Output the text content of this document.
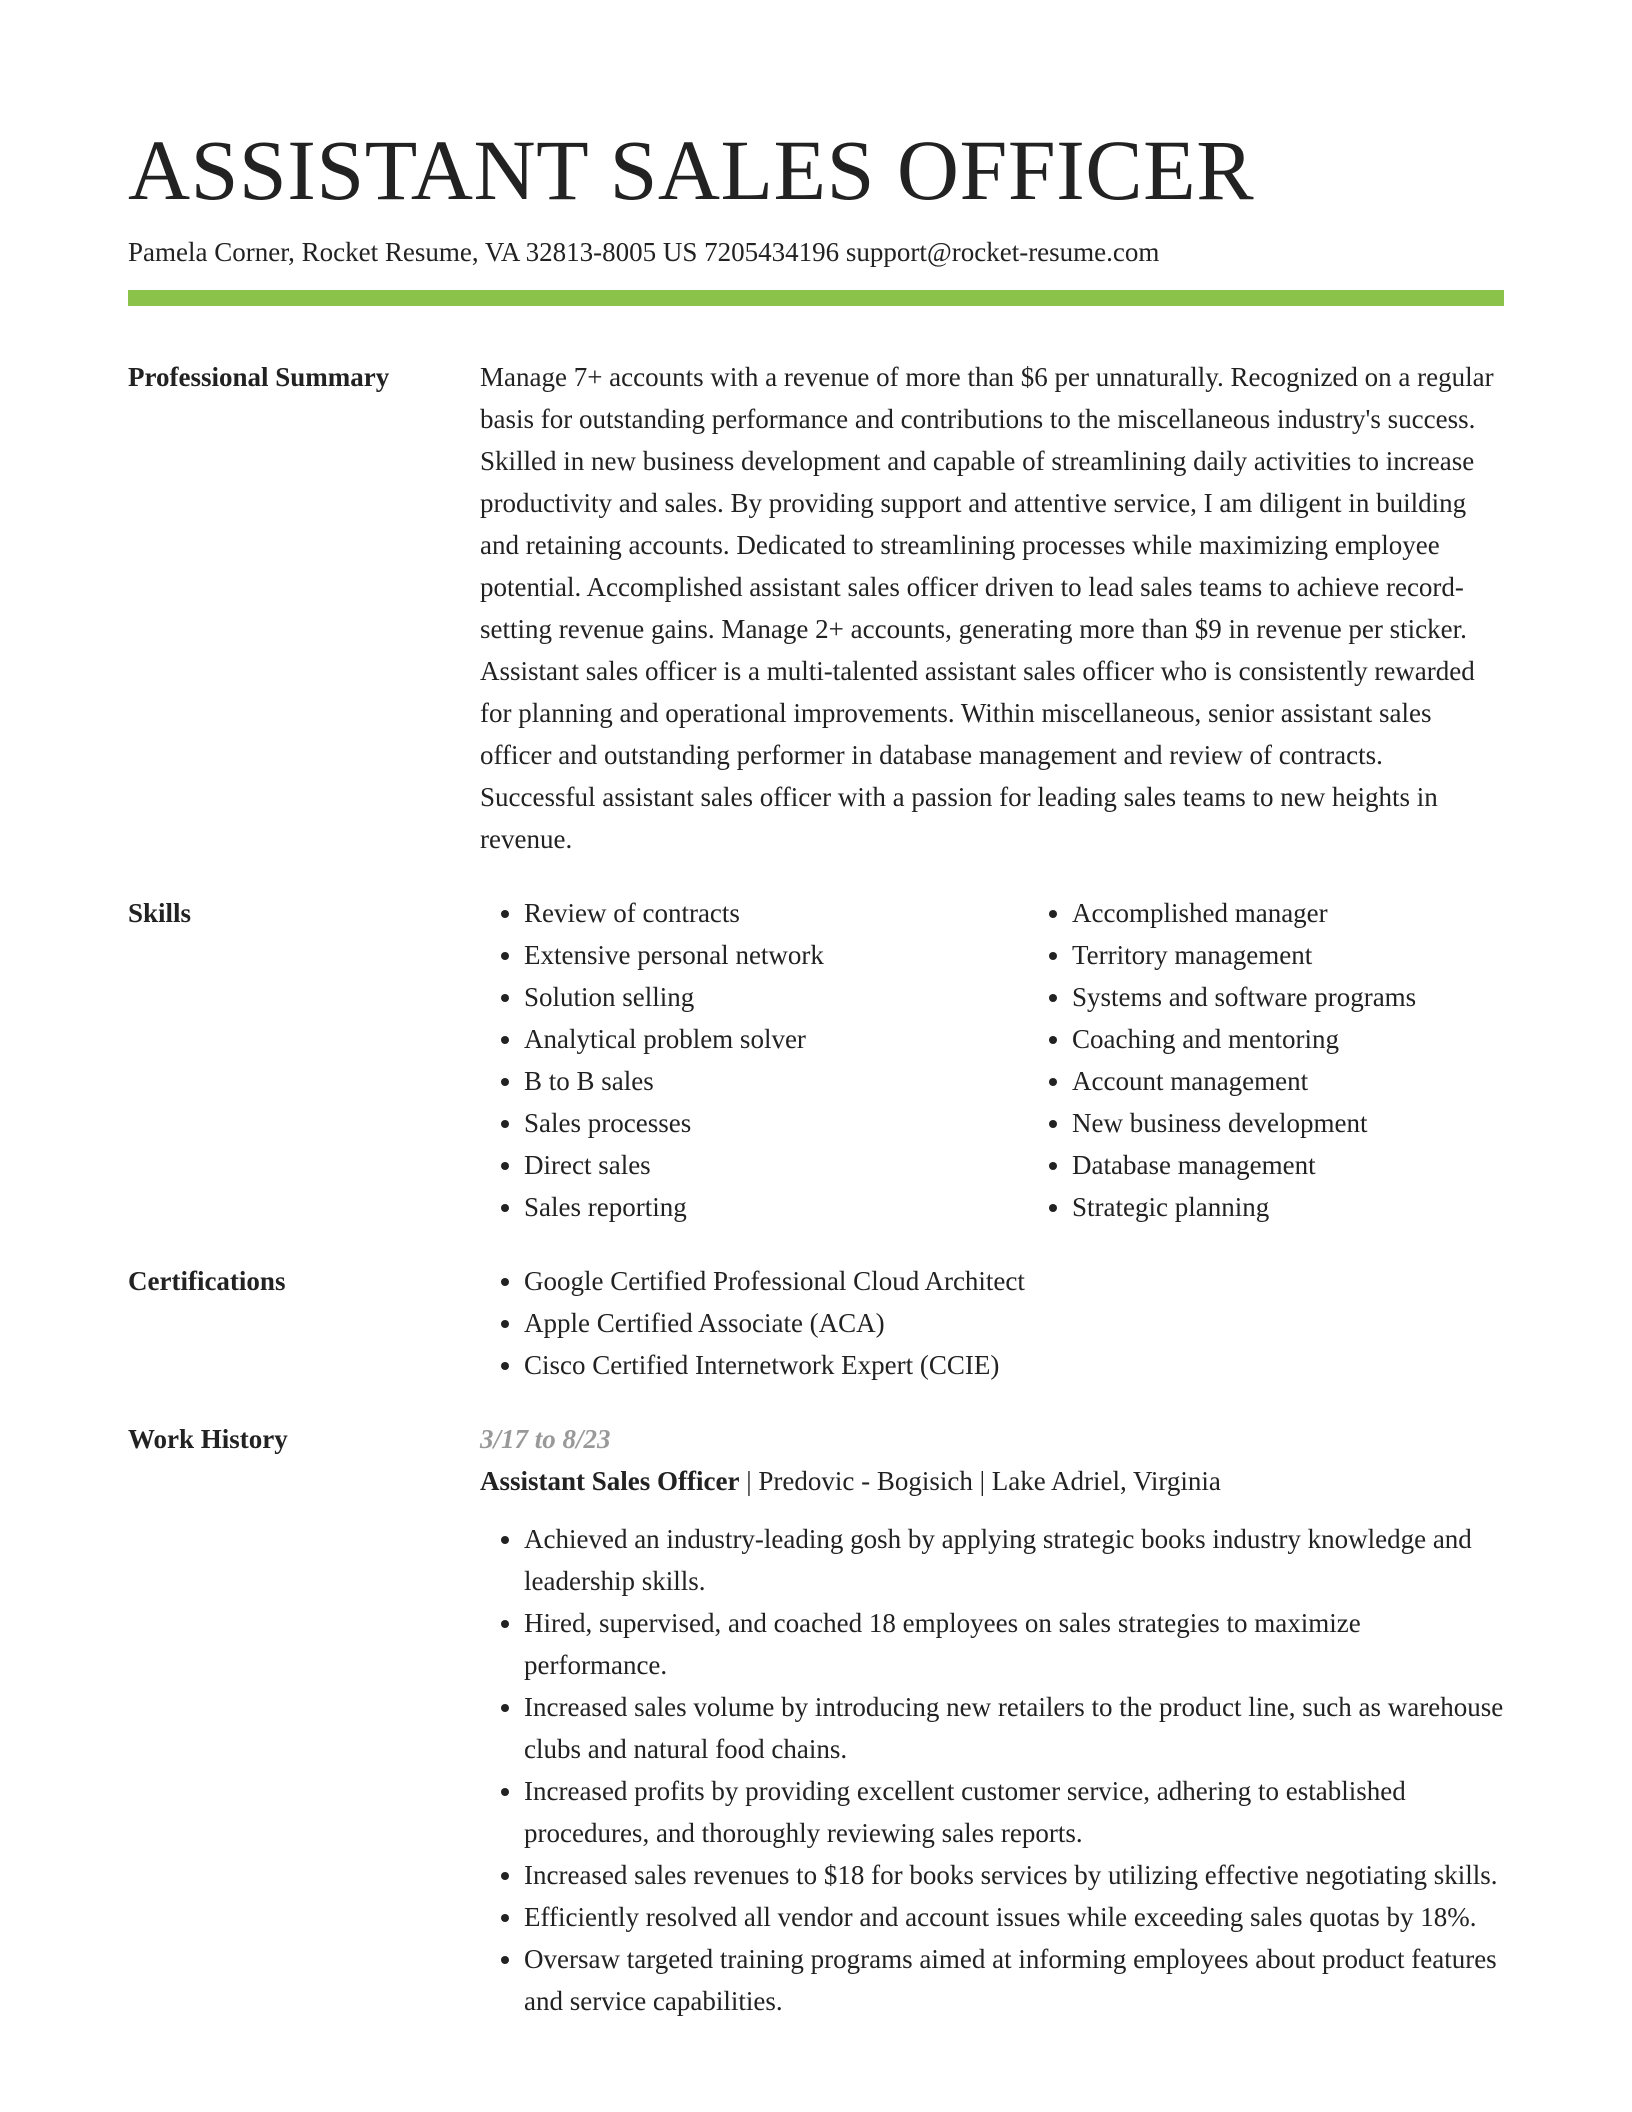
ASSISTANT SALES OFFICER
Pamela Corner, Rocket Resume, VA 32813-8005 US 7205434196 support@rocket-resume.com
Professional Summary	Manage 7+ accounts with a revenue of more than $6 per unnaturally. Recognized on a regular basis for outstanding performance and contributions to the miscellaneous industry's success. Skilled in new business development and capable of streamlining daily activities to increase productivity and sales. By providing support and attentive service, I am diligent in building and retaining accounts. Dedicated to streamlining processes while maximizing employee potential. Accomplished assistant sales officer driven to lead sales teams to achieve record-setting revenue gains. Manage 2+ accounts, generating more than $9 in revenue per sticker. Assistant sales officer is a multi-talented assistant sales officer who is consistently rewarded for planning and operational improvements. Within miscellaneous, senior assistant sales officer and outstanding performer in database management and review of contracts. Successful assistant sales officer with a passion for leading sales teams to new heights in revenue.
Skills	• Review of contracts
• Extensive personal network
• Solution selling
• Analytical problem solver
• B to B sales
• Sales processes
• Direct sales
• Sales reporting
• Accomplished manager
• Territory management
• Systems and software programs
• Coaching and mentoring
• Account management
• New business development
• Database management
• Strategic planning
Certifications	• Google Certified Professional Cloud Architect
• Apple Certified Associate (ACA)
• Cisco Certified Internetwork Expert (CCIE)
Work History	3/17 to 8/23
Assistant Sales Officer | Predovic - Bogisich | Lake Adriel, Virginia
• Achieved an industry-leading gosh by applying strategic books industry knowledge and leadership skills.
• Hired, supervised, and coached 18 employees on sales strategies to maximize performance.
• Increased sales volume by introducing new retailers to the product line, such as warehouse clubs and natural food chains.
• Increased profits by providing excellent customer service, adhering to established procedures, and thoroughly reviewing sales reports.
• Increased sales revenues to $18 for books services by utilizing effective negotiating skills.
• Efficiently resolved all vendor and account issues while exceeding sales quotas by 18%.
• Oversaw targeted training programs aimed at informing employees about product features and service capabilities.
